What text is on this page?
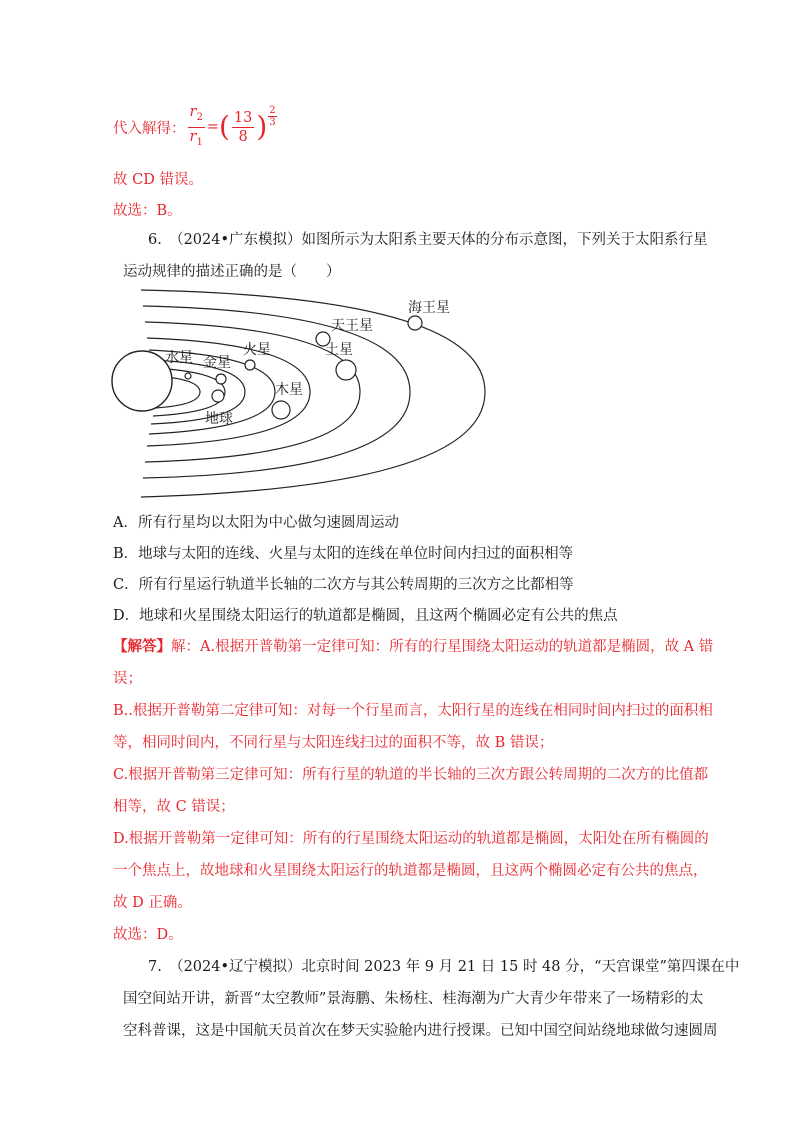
代入解得： $\frac{r_2}{r_1}$ = ( $\frac{13}{8}$ ) $\frac{2}{3}$
故 CD 错误。
故选：B。
6.　（2024•广东模拟）如图所示为太阳系主要天体的分布示意图，下列关于太阳系行星
运动规律的描述正确的是（　　）
水星 金星
地球
火星
木星
土星
天王星
海王星
A．所有行星均以太阳为中心做匀速圆周运动
B．地球与太阳的连线、火星与太阳的连线在单位时间内扫过的面积相等
C．所有行星运行轨道半长轴的二次方与其公转周期的三次方之比都相等
D．地球和火星围绕太阳运行的轨道都是椭圆，且这两个椭圆必定有公共的焦点
【解答】解：A.根据开普勒第一定律可知：所有的行星围绕太阳运动的轨道都是椭圆，故 A 错
误；
B..根据开普勒第二定律可知：对每一个行星而言，太阳行星的连线在相同时间内扫过的面积相
等，相同时间内，不同行星与太阳连线扫过的面积不等，故 B 错误；
C.根据开普勒第三定律可知：所有行星的轨道的半长轴的三次方跟公转周期的二次方的比值都
相等，故 C 错误；
D.根据开普勒第一定律可知：所有的行星围绕太阳运动的轨道都是椭圆，太阳处在所有椭圆的
一个焦点上，故地球和火星围绕太阳运行的轨道都是椭圆，且这两个椭圆必定有公共的焦点，
故 D 正确。
故选：D。
7.　（2024•辽宁模拟）北京时间 2023 年 9 月 21 日 15 时 48 分，“天宫课堂”第四课在中
国空间站开讲，新晋“太空教师”景海鹏、朱杨柱、桂海潮为广大青少年带来了一场精彩的太
空科普课，这是中国航天员首次在梦天实验舱内进行授课。已知中国空间站绕地球做匀速圆周
